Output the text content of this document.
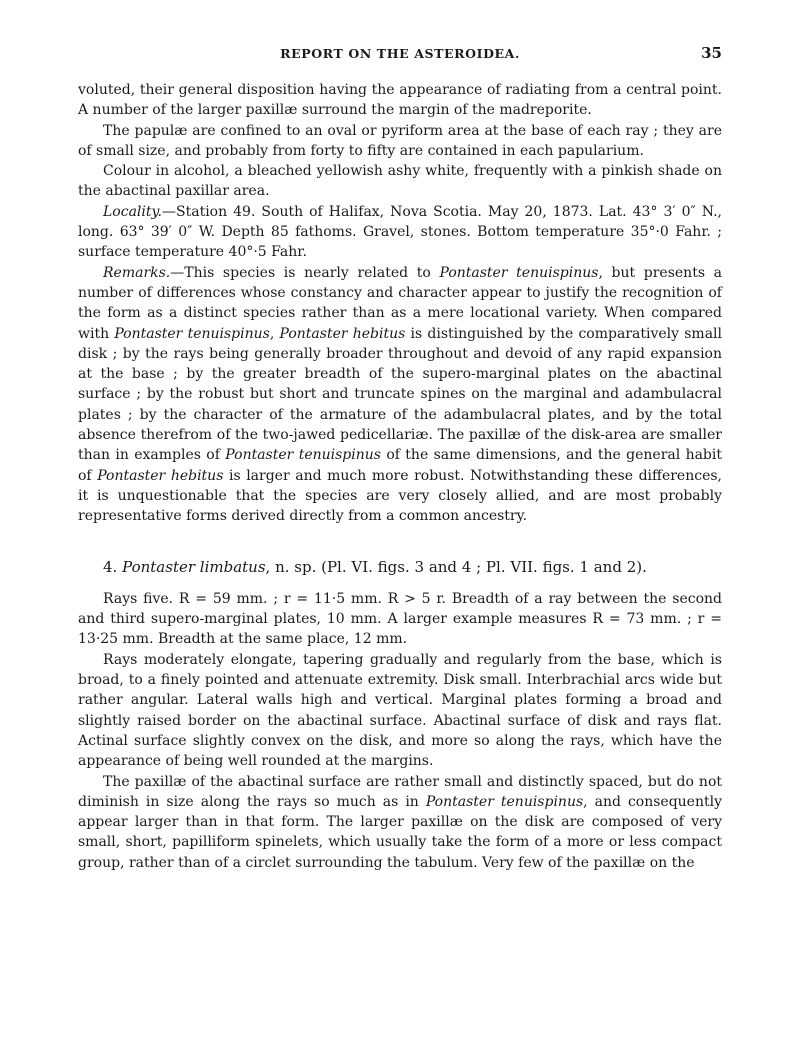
REPORT ON THE ASTEROIDEA.	35

voluted, their general disposition having the appearance of radiating from a central point. A number of the larger paxillæ surround the margin of the madreporite.

The papulæ are confined to an oval or pyriform area at the base of each ray ; they are of small size, and probably from forty to fifty are contained in each papularium.

Colour in alcohol, a bleached yellowish ashy white, frequently with a pinkish shade on the abactinal paxillar area.

Locality.—Station 49. South of Halifax, Nova Scotia. May 20, 1873. Lat. 43° 3′ 0″ N., long. 63° 39′ 0″ W. Depth 85 fathoms. Gravel, stones. Bottom temperature 35°·0 Fahr. ; surface temperature 40°·5 Fahr.

Remarks.—This species is nearly related to Pontaster tenuispinus, but presents a number of differences whose constancy and character appear to justify the recognition of the form as a distinct species rather than as a mere locational variety. When compared with Pontaster tenuispinus, Pontaster hebitus is distinguished by the comparatively small disk ; by the rays being generally broader throughout and devoid of any rapid expansion at the base ; by the greater breadth of the supero-marginal plates on the abactinal surface ; by the robust but short and truncate spines on the marginal and adambulacral plates ; by the character of the armature of the adambulacral plates, and by the total absence therefrom of the two-jawed pedicellariæ. The paxillæ of the disk-area are smaller than in examples of Pontaster tenuispinus of the same dimensions, and the general habit of Pontaster hebitus is larger and much more robust. Notwithstanding these differences, it is unquestionable that the species are very closely allied, and are most probably representative forms derived directly from a common ancestry.

4. Pontaster limbatus, n. sp. (Pl. VI. figs. 3 and 4 ; Pl. VII. figs. 1 and 2).

Rays five. R = 59 mm. ; r = 11·5 mm. R > 5 r. Breadth of a ray between the second and third supero-marginal plates, 10 mm. A larger example measures R = 73 mm. ; r = 13·25 mm. Breadth at the same place, 12 mm.

Rays moderately elongate, tapering gradually and regularly from the base, which is broad, to a finely pointed and attenuate extremity. Disk small. Interbrachial arcs wide but rather angular. Lateral walls high and vertical. Marginal plates forming a broad and slightly raised border on the abactinal surface. Abactinal surface of disk and rays flat. Actinal surface slightly convex on the disk, and more so along the rays, which have the appearance of being well rounded at the margins.

The paxillæ of the abactinal surface are rather small and distinctly spaced, but do not diminish in size along the rays so much as in Pontaster tenuispinus, and consequently appear larger than in that form. The larger paxillæ on the disk are composed of very small, short, papilliform spinelets, which usually take the form of a more or less compact group, rather than of a circlet surrounding the tabulum. Very few of the paxillæ on the
